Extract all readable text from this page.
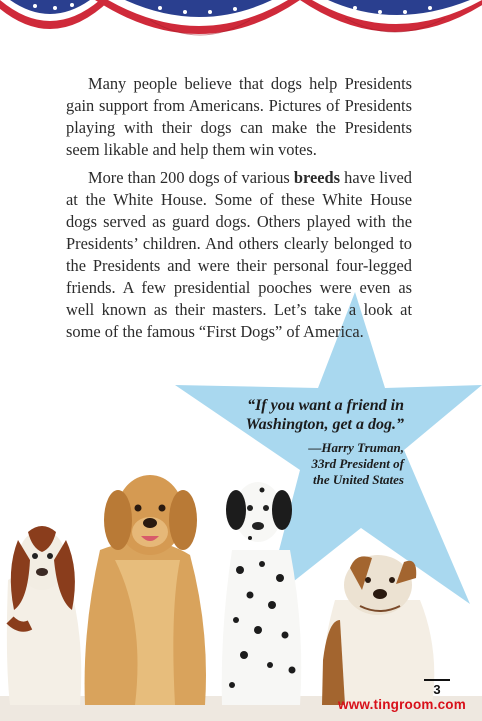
Many people believe that dogs help Presidents gain support from Americans. Pictures of Presidents playing with their dogs can make the Presidents seem likable and help them win votes.

More than 200 dogs of various breeds have lived at the White House. Some of these White House dogs served as guard dogs. Others played with the Presidents’ children. And others clearly belonged to the Presidents and were their personal four-legged friends. A few presidential pooches were even as well known as their masters. Let’s take a look at some of the famous “First Dogs” of America.

“If you want a friend in
Washington, get a dog.”
—Harry Truman,
33rd President of
the United States
3
www.tingroom.com
